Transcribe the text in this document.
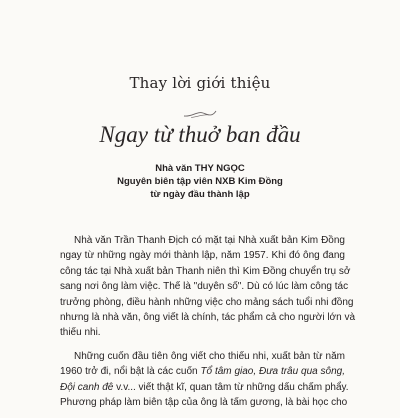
Thay lời giới thiệu
Ngay từ thuở ban đầu
Nhà văn THY NGỌC
Nguyên biên tập viên NXB Kim Đồng
từ ngày đầu thành lập

Nhà văn Trần Thanh Địch có mặt tại Nhà xuất bản Kim Đồng
ngay từ những ngày mới thành lập, năm 1957. Khi đó ông đang
công tác tại Nhà xuất bản Thanh niên thì Kim Đồng chuyển trụ sở
sang nơi ông làm việc. Thế là "duyên số". Dù có lúc làm công tác
trưởng phòng, điều hành những việc cho mảng sách tuổi nhi đồng
nhưng là nhà văn, ông viết là chính, tác phẩm cả cho người lớn và
thiếu nhi.

Những cuốn đầu tiên ông viết cho thiếu nhi, xuất bản từ năm
1960 trở đi, nổi bật là các cuốn Tổ tâm giao, Đưa trâu qua sông,
Đội canh đê v.v... viết thật kĩ, quan tâm từ những dấu chấm phẩy.
Phương pháp làm biên tập của ông là tấm gương, là bài học cho
